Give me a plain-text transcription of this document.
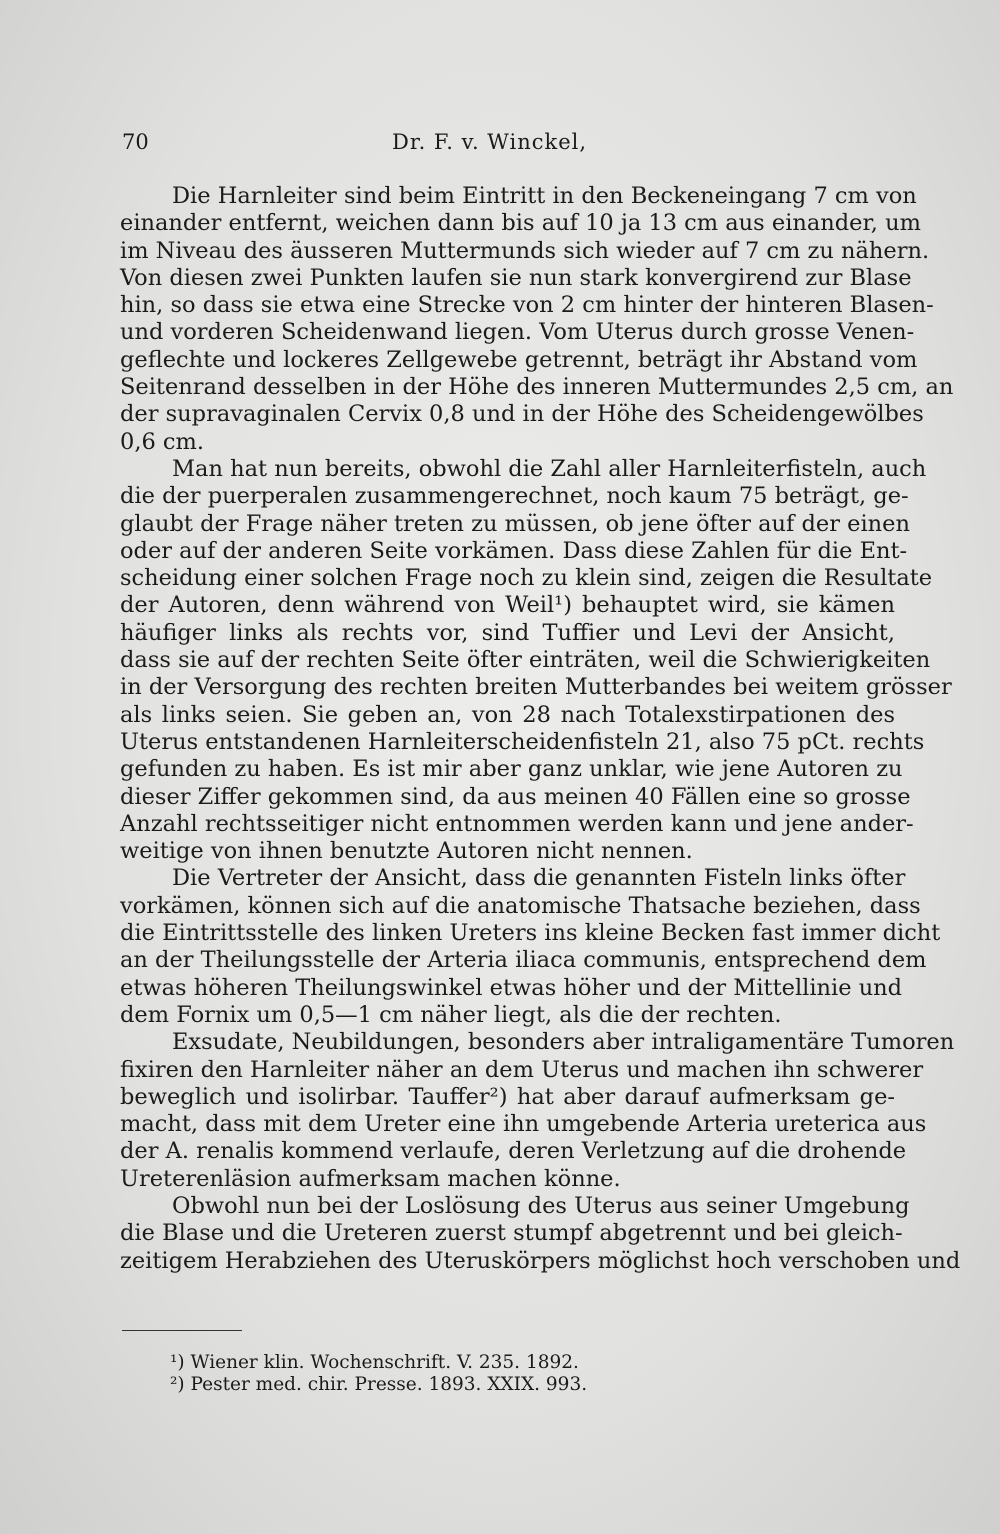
70	Dr. F. v. Winckel,

Die Harnleiter sind beim Eintritt in den Beckeneingang 7 cm von
einander entfernt, weichen dann bis auf 10 ja 13 cm aus einander, um
im Niveau des äusseren Muttermunds sich wieder auf 7 cm zu nähern.
Von diesen zwei Punkten laufen sie nun stark konvergirend zur Blase
hin, so dass sie etwa eine Strecke von 2 cm hinter der hinteren Blasen-
und vorderen Scheidenwand liegen. Vom Uterus durch grosse Venen-
geflechte und lockeres Zellgewebe getrennt, beträgt ihr Abstand vom
Seitenrand desselben in der Höhe des inneren Muttermundes 2,5 cm, an
der supravaginalen Cervix 0,8 und in der Höhe des Scheidengewölbes
0,6 cm.

Man hat nun bereits, obwohl die Zahl aller Harnleiterfisteln, auch
die der puerperalen zusammengerechnet, noch kaum 75 beträgt, ge-
glaubt der Frage näher treten zu müssen, ob jene öfter auf der einen
oder auf der anderen Seite vorkämen. Dass diese Zahlen für die Ent-
scheidung einer solchen Frage noch zu klein sind, zeigen die Resultate
der Autoren, denn während von Weil¹) behauptet wird, sie kämen
häufiger links als rechts vor, sind Tuffier und Levi der Ansicht,
dass sie auf der rechten Seite öfter einträten, weil die Schwierigkeiten
in der Versorgung des rechten breiten Mutterbandes bei weitem grösser
als links seien. Sie geben an, von 28 nach Totalexstirpationen des
Uterus entstandenen Harnleiterscheidenfisteln 21, also 75 pCt. rechts
gefunden zu haben. Es ist mir aber ganz unklar, wie jene Autoren zu
dieser Ziffer gekommen sind, da aus meinen 40 Fällen eine so grosse
Anzahl rechtsseitiger nicht entnommen werden kann und jene ander-
weitige von ihnen benutzte Autoren nicht nennen.

Die Vertreter der Ansicht, dass die genannten Fisteln links öfter
vorkämen, können sich auf die anatomische Thatsache beziehen, dass
die Eintrittsstelle des linken Ureters ins kleine Becken fast immer dicht
an der Theilungsstelle der Arteria iliaca communis, entsprechend dem
etwas höheren Theilungswinkel etwas höher und der Mittellinie und
dem Fornix um 0,5—1 cm näher liegt, als die der rechten.

Exsudate, Neubildungen, besonders aber intraligamentäre Tumoren
fixiren den Harnleiter näher an dem Uterus und machen ihn schwerer
beweglich und isolirbar. Tauffer²) hat aber darauf aufmerksam ge-
macht, dass mit dem Ureter eine ihn umgebende Arteria ureterica aus
der A. renalis kommend verlaufe, deren Verletzung auf die drohende
Ureterenläsion aufmerksam machen könne.

Obwohl nun bei der Loslösung des Uterus aus seiner Umgebung
die Blase und die Ureteren zuerst stumpf abgetrennt und bei gleich-
zeitigem Herabziehen des Uteruskörpers möglichst hoch verschoben und

¹) Wiener klin. Wochenschrift. V. 235. 1892.
²) Pester med. chir. Presse. 1893. XXIX. 993.
